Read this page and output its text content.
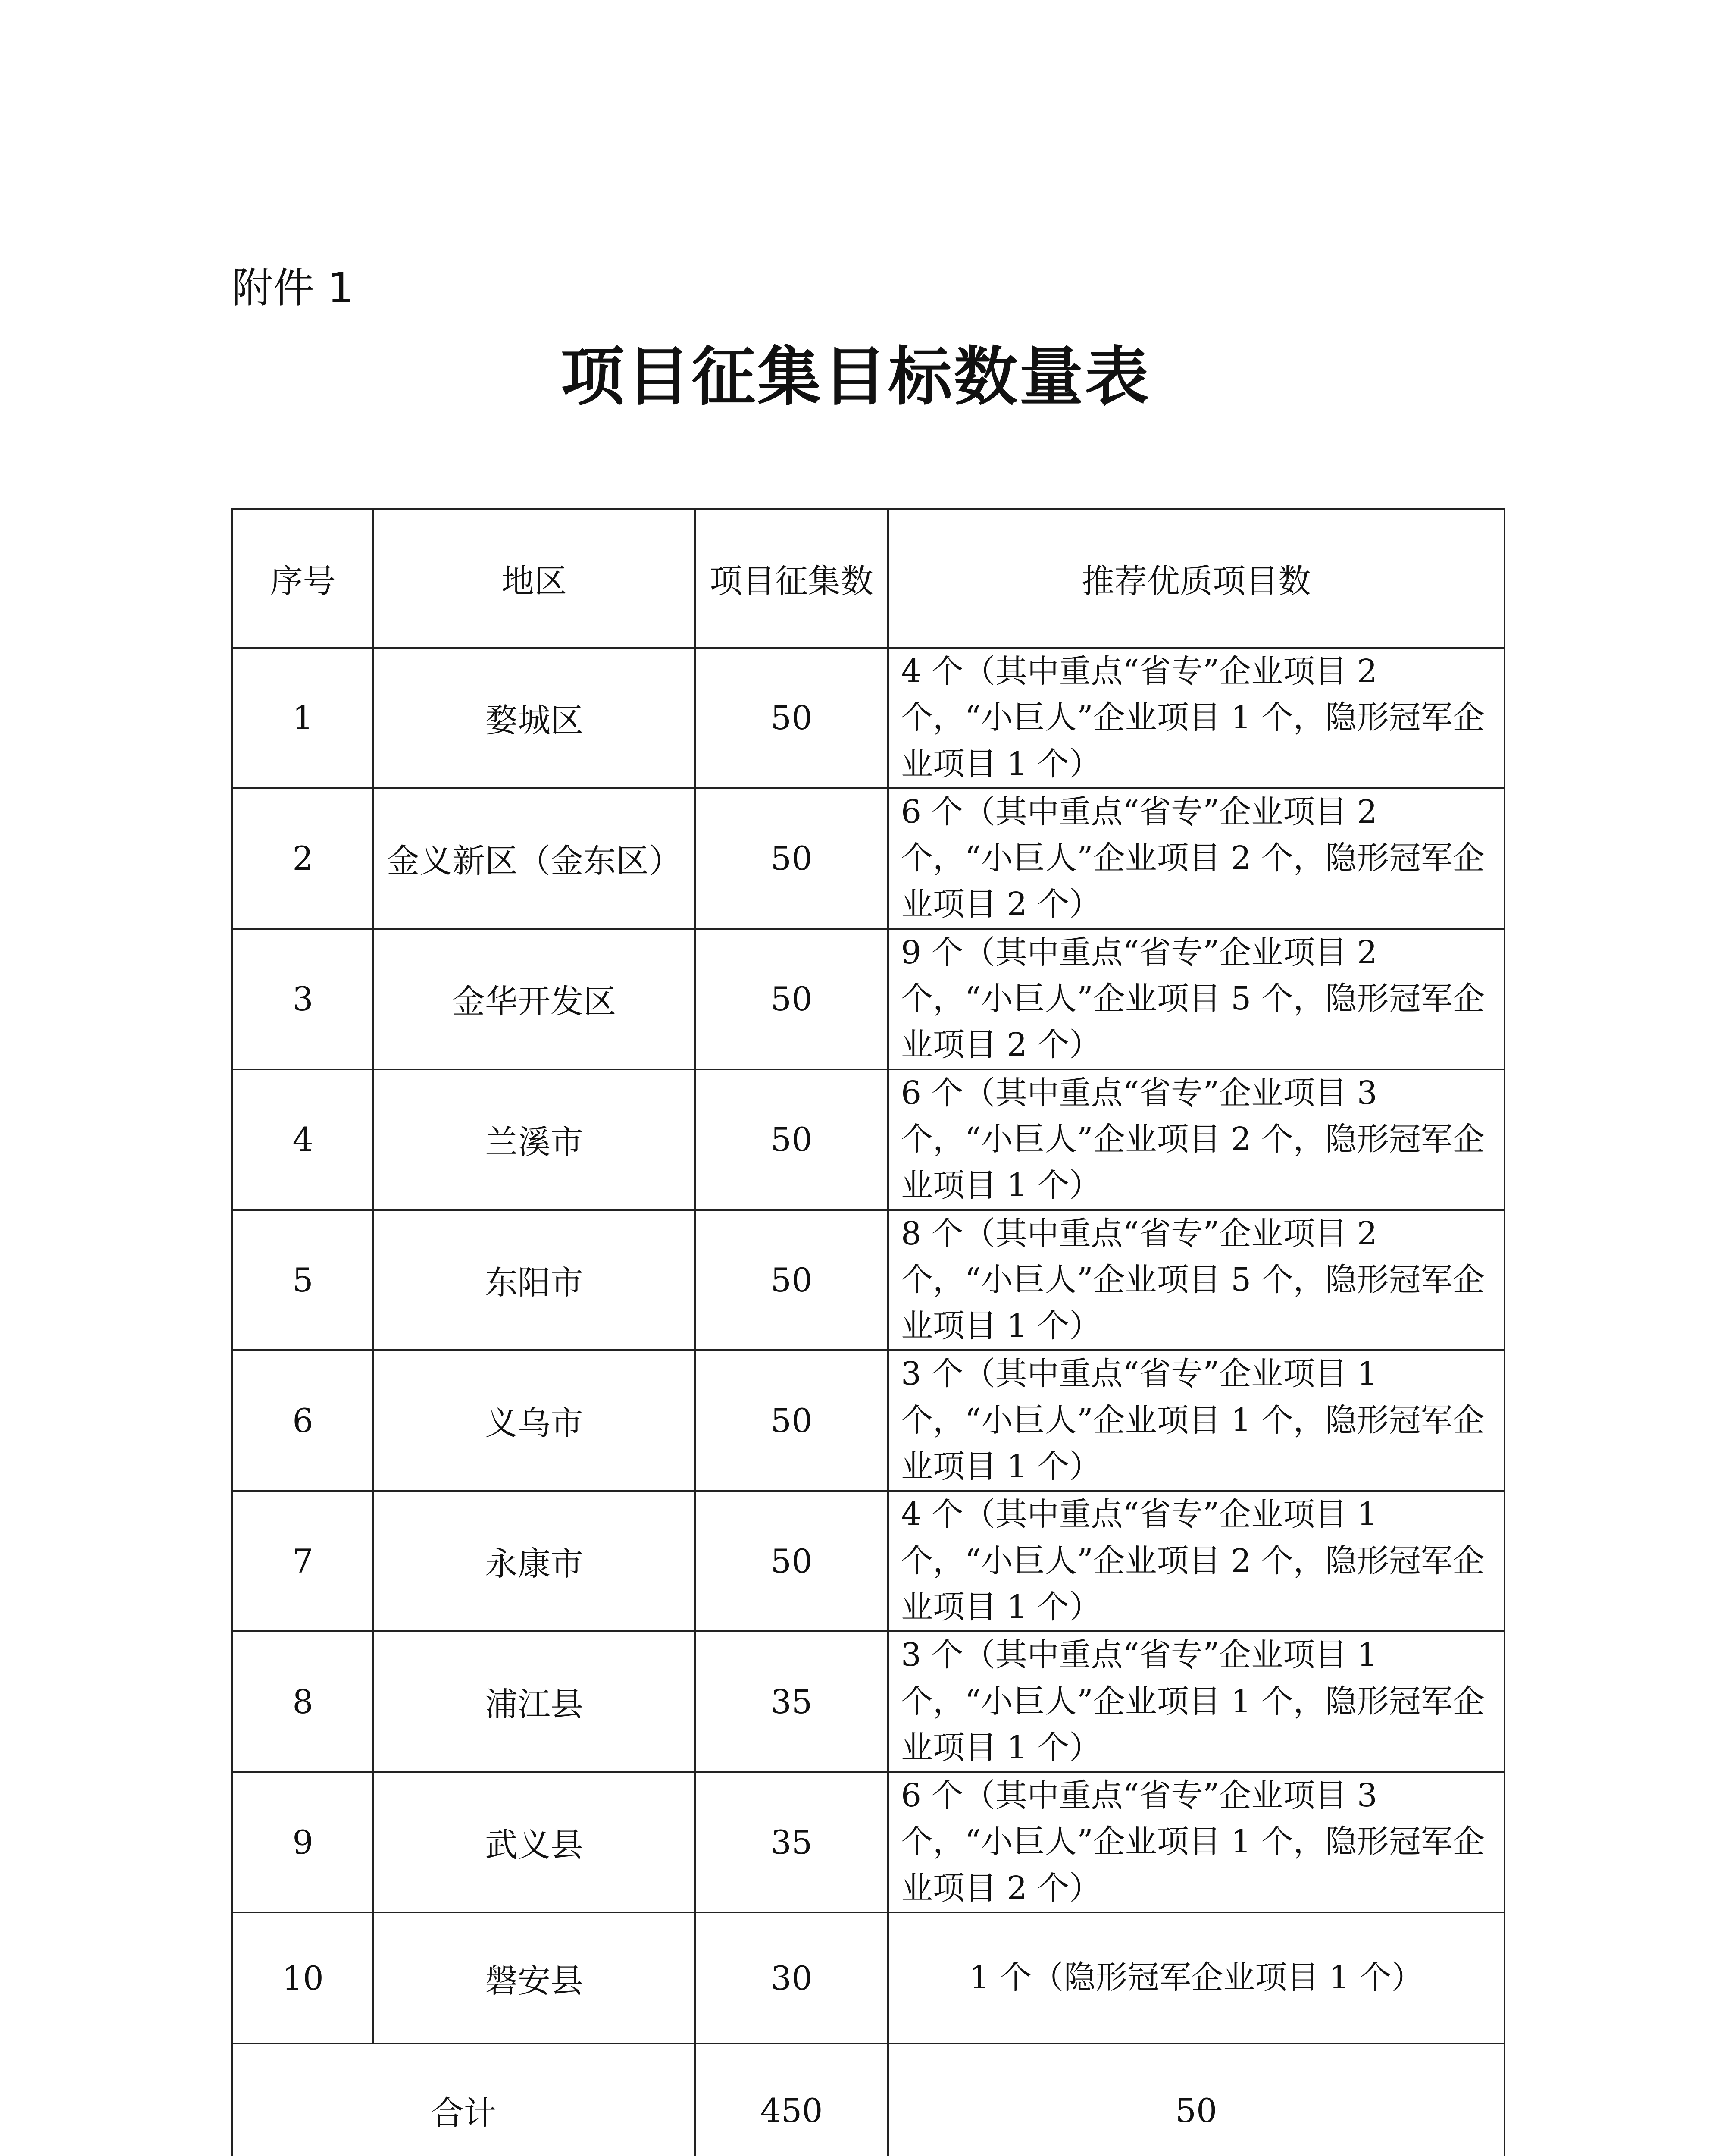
附件 1
项目征集目标数量表
序号	地区	项目征集数	推荐优质项目数
1	婺城区	50	4 个（其中重点“省专”企业项目 2 个，“小巨人”企业项目 1 个，隐形冠军企业项目 1 个）
2	金义新区（金东区）	50	6 个（其中重点“省专”企业项目 2 个，“小巨人”企业项目 2 个，隐形冠军企业项目 2 个）
3	金华开发区	50	9 个（其中重点“省专”企业项目 2 个，“小巨人”企业项目 5 个，隐形冠军企业项目 2 个）
4	兰溪市	50	6 个（其中重点“省专”企业项目 3 个，“小巨人”企业项目 2 个，隐形冠军企业项目 1 个）
5	东阳市	50	8 个（其中重点“省专”企业项目 2 个，“小巨人”企业项目 5 个，隐形冠军企业项目 1 个）
6	义乌市	50	3 个（其中重点“省专”企业项目 1 个，“小巨人”企业项目 1 个，隐形冠军企业项目 1 个）
7	永康市	50	4 个（其中重点“省专”企业项目 1 个，“小巨人”企业项目 2 个，隐形冠军企业项目 1 个）
8	浦江县	35	3 个（其中重点“省专”企业项目 1 个，“小巨人”企业项目 1 个，隐形冠军企业项目 1 个）
9	武义县	35	6 个（其中重点“省专”企业项目 3 个，“小巨人”企业项目 1 个，隐形冠军企业项目 2 个）
10	磐安县	30	1 个（隐形冠军企业项目 1 个）
合计		450	50
